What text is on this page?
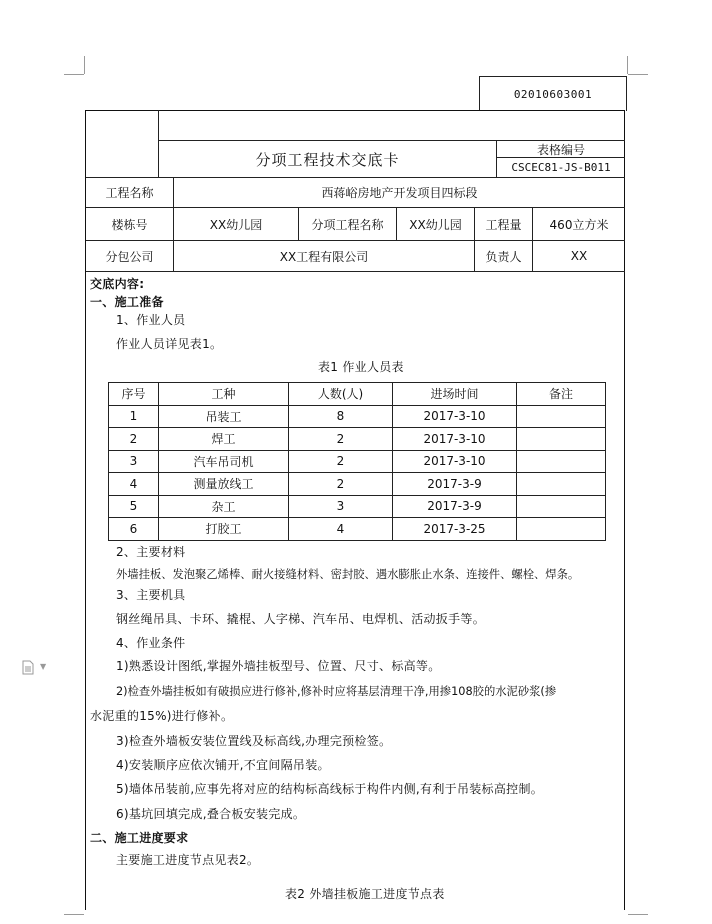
▼
02010603001
分项工程技术交底卡
表格编号
CSCEC81-JS-B011
工程名称	西蒋峪房地产开发项目四标段
楼栋号	XX幼儿园	分项工程名称	XX幼儿园	工程量	460立方米
分包公司	XX工程有限公司	负责人	XX
交底内容:
一、施工准备
1、作业人员
作业人员详见表1。
表1 作业人员表
序号	工种	人数(人)	进场时间	备注
1	吊装工	8	2017-3-10	
2	焊工	2	2017-3-10	
3	汽车吊司机	2	2017-3-10	
4	测量放线工	2	2017-3-9	
5	杂工	3	2017-3-9	
6	打胶工	4	2017-3-25	
2、主要材料
外墙挂板、发泡聚乙烯棒、耐火接缝材料、密封胶、遇水膨胀止水条、连接件、螺栓、焊条。
3、主要机具
钢丝绳吊具、卡环、撬棍、人字梯、汽车吊、电焊机、活动扳手等。
4、作业条件
1)熟悉设计图纸,掌握外墙挂板型号、位置、尺寸、标高等。
2)检查外墙挂板如有破损应进行修补,修补时应将基层清理干净,用掺108胶的水泥砂浆(掺
水泥重的15%)进行修补。
3)检查外墙板安装位置线及标高线,办理完预检签。
4)安装顺序应依次铺开,不宜间隔吊装。
5)墙体吊装前,应事先将对应的结构标高线标于构件内侧,有利于吊装标高控制。
6)基坑回填完成,叠合板安装完成。
二、施工进度要求
主要施工进度节点见表2。
表2 外墙挂板施工进度节点表
